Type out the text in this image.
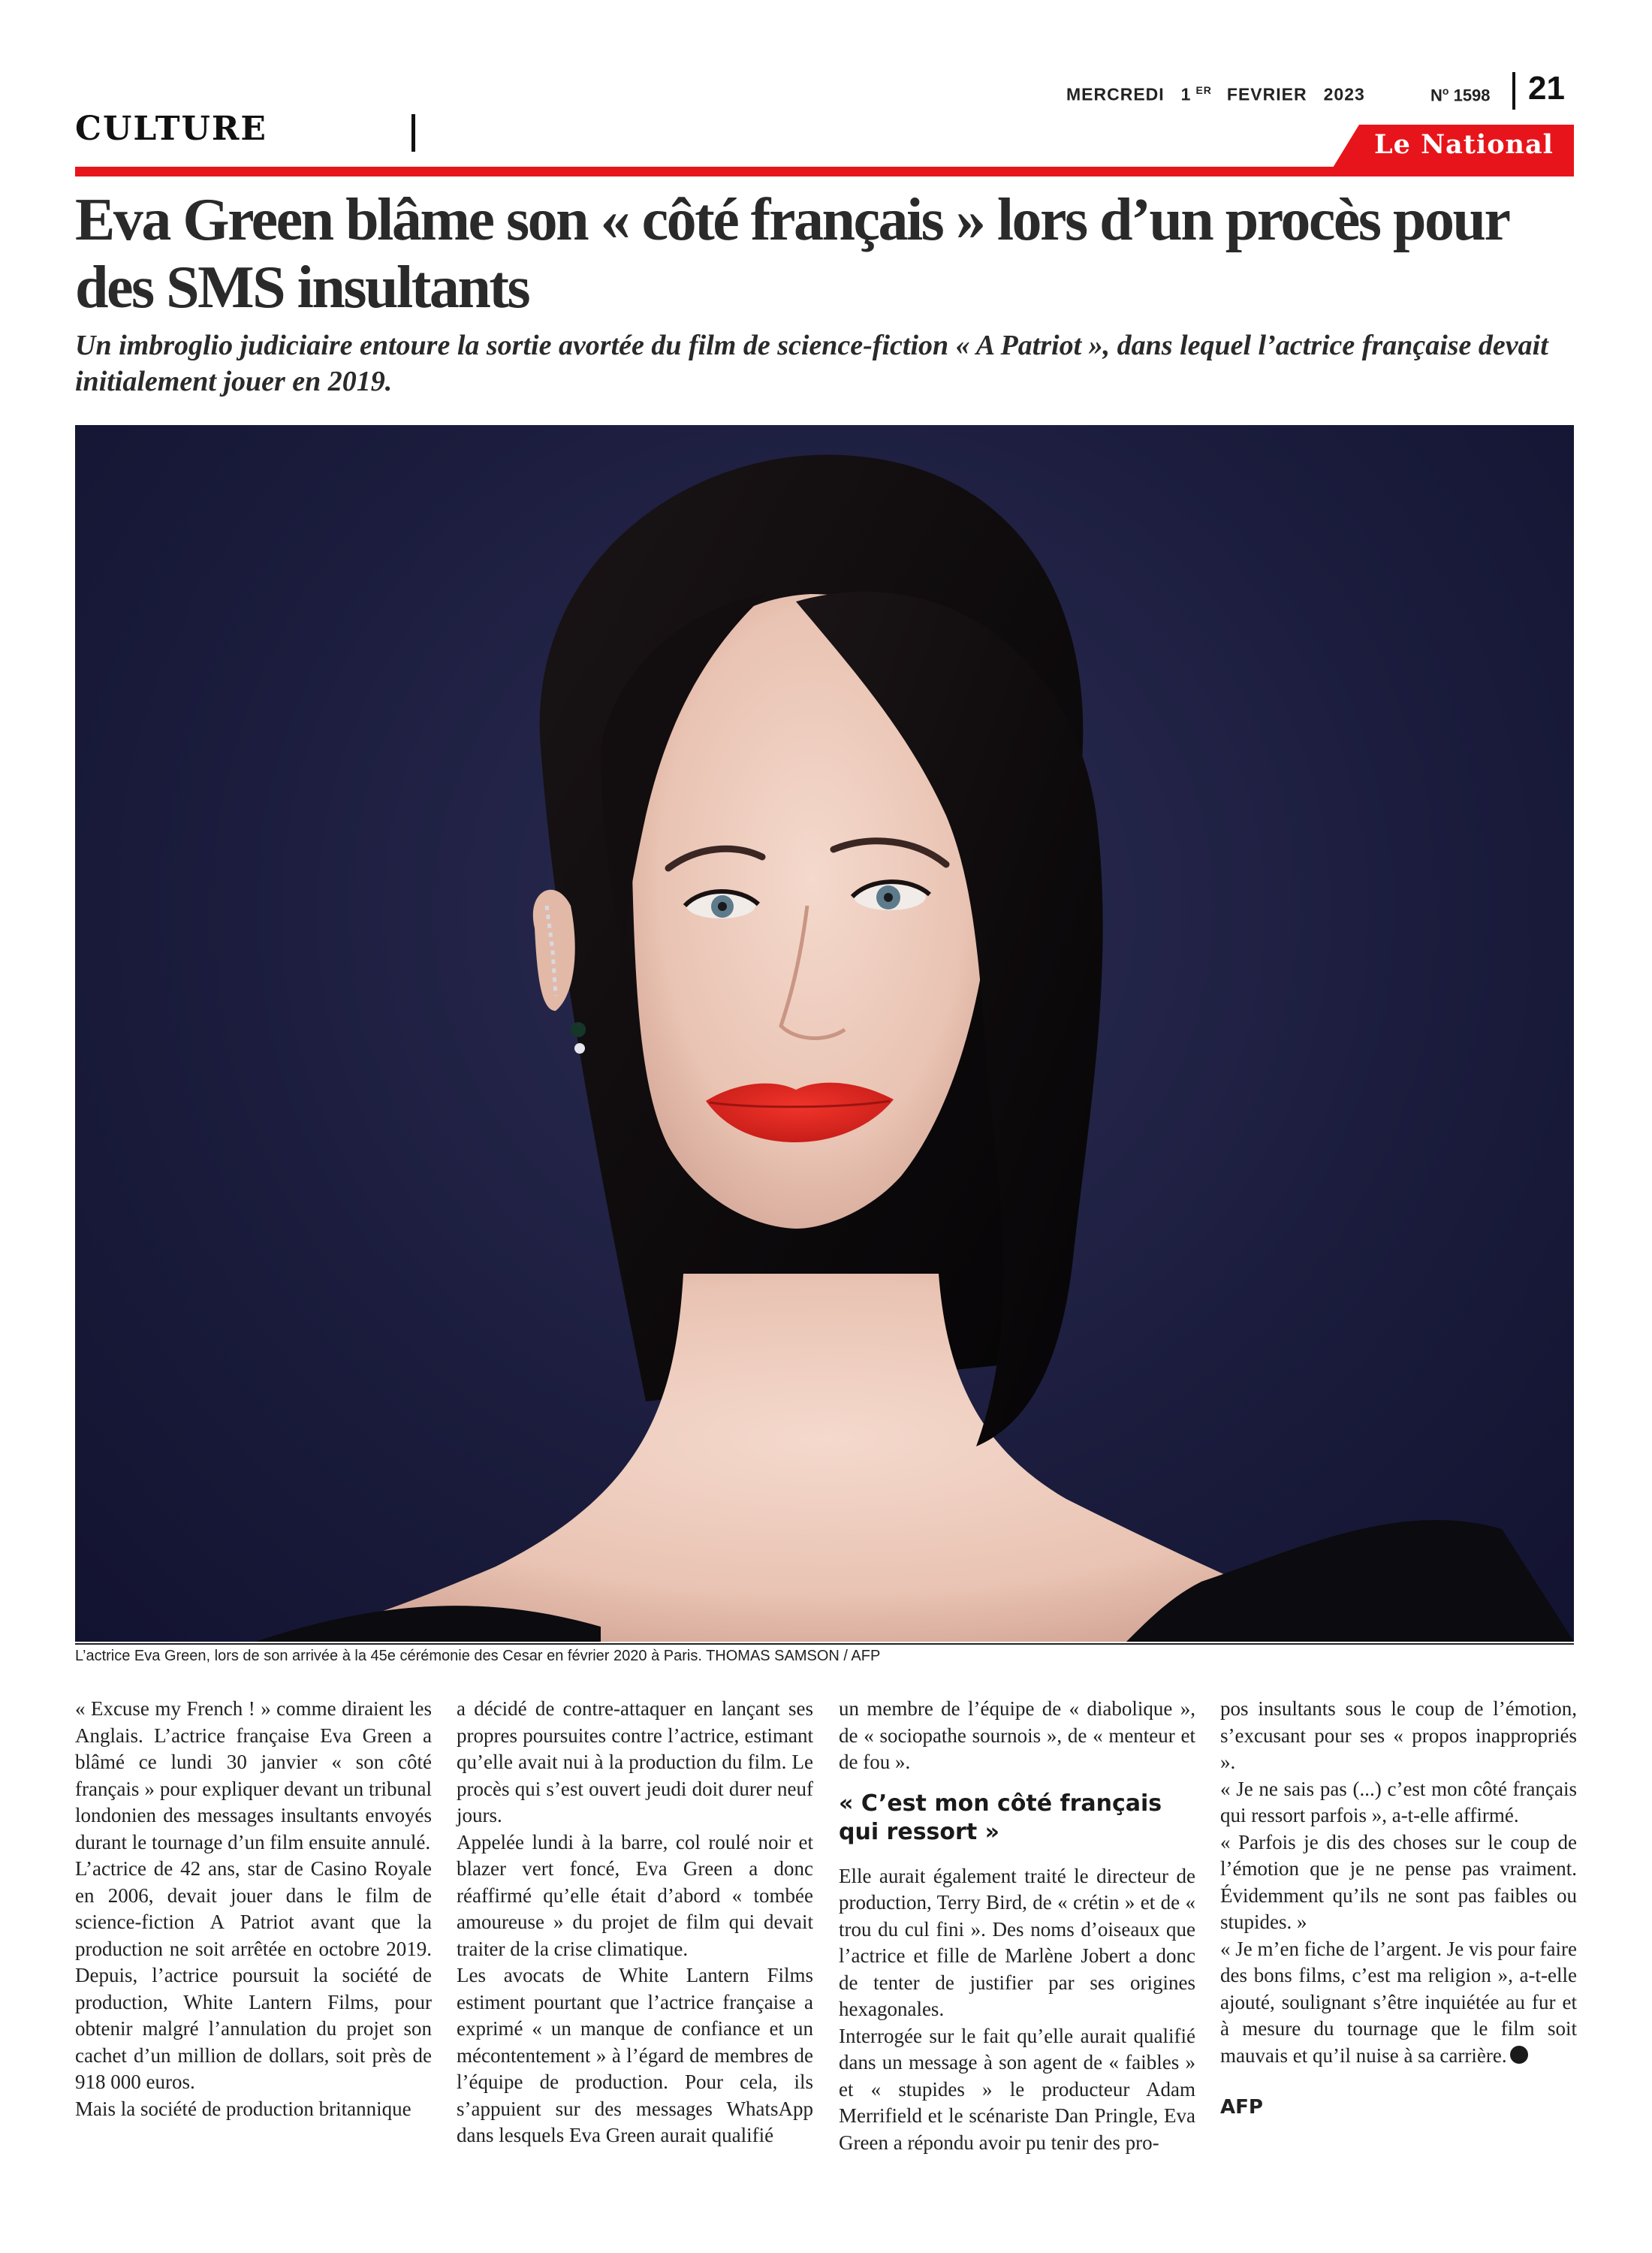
CULTURE
MERCREDI 1 $^{ER}$ FEVRIER 2023	$N^o$ 1598 21
Le National
Eva Green blâme son « côté français » lors d’un procès pour des SMS insultants

Un imbroglio judiciaire entoure la sortie avortée du film de science-fiction « A Patriot », dans lequel l’actrice française devait initialement jouer en 2019.

L’actrice Eva Green, lors de son arrivée à la 45e cérémonie des Cesar en février 2020 à Paris. THOMAS SAMSON / AFP

« Excuse my French ! » comme diraient les Anglais. L’actrice française Eva Green a blâmé ce lundi 30 janvier « son côté français » pour expliquer devant un tribunal londonien des messages insultants envoyés durant le tournage d’un film ensuite annulé.

L’actrice de 42 ans, star de Casino Royale en 2006, devait jouer dans le film de science-fiction A Patriot avant que la production ne soit arrêtée en octobre 2019. Depuis, l’actrice poursuit la société de production, White Lantern Films, pour obtenir malgré l’annulation du projet son cachet d’un million de dollars, soit près de 918 000 euros.

Mais la société de production britannique

a décidé de contre-attaquer en lançant ses propres poursuites contre l’actrice, estimant qu’elle avait nui à la production du film. Le procès qui s’est ouvert jeudi doit durer neuf jours.

Appelée lundi à la barre, col roulé noir et blazer vert foncé, Eva Green a donc réaffirmé qu’elle était d’abord « tombée amoureuse » du projet de film qui devait traiter de la crise climatique.

Les avocats de White Lantern Films estiment pourtant que l’actrice française a exprimé « un manque de confiance et un mécontentement » à l’égard de membres de l’équipe de production. Pour cela, ils s’appuient sur des messages WhatsApp dans lesquels Eva Green aurait qualifié

un membre de l’équipe de « diabolique », de « sociopathe sournois », de « menteur et de fou ».

« C’est mon côté français qui ressort »

Elle aurait également traité le directeur de production, Terry Bird, de « crétin » et de « trou du cul fini ». Des noms d’oiseaux que l’actrice et fille de Marlène Jobert a donc de tenter de justifier par ses origines hexagonales.

Interrogée sur le fait qu’elle aurait qualifié dans un message à son agent de « faibles » et « stupides » le producteur Adam Merrifield et le scénariste Dan Pringle, Eva Green a répondu avoir pu tenir des pro-

pos insultants sous le coup de l’émotion, s’excusant pour ses « propos inappropriés ».

« Je ne sais pas (...) c’est mon côté français qui ressort parfois », a-t-elle affirmé.

« Parfois je dis des choses sur le coup de l’émotion que je ne pense pas vraiment. Évidemment qu’ils ne sont pas faibles ou stupides. »

« Je m’en fiche de l’argent. Je vis pour faire des bons films, c’est ma religion », a-t-elle ajouté, soulignant s’être inquiétée au fur et à mesure du tournage que le film soit mauvais et qu’il nuise à sa carrière.

AFP
